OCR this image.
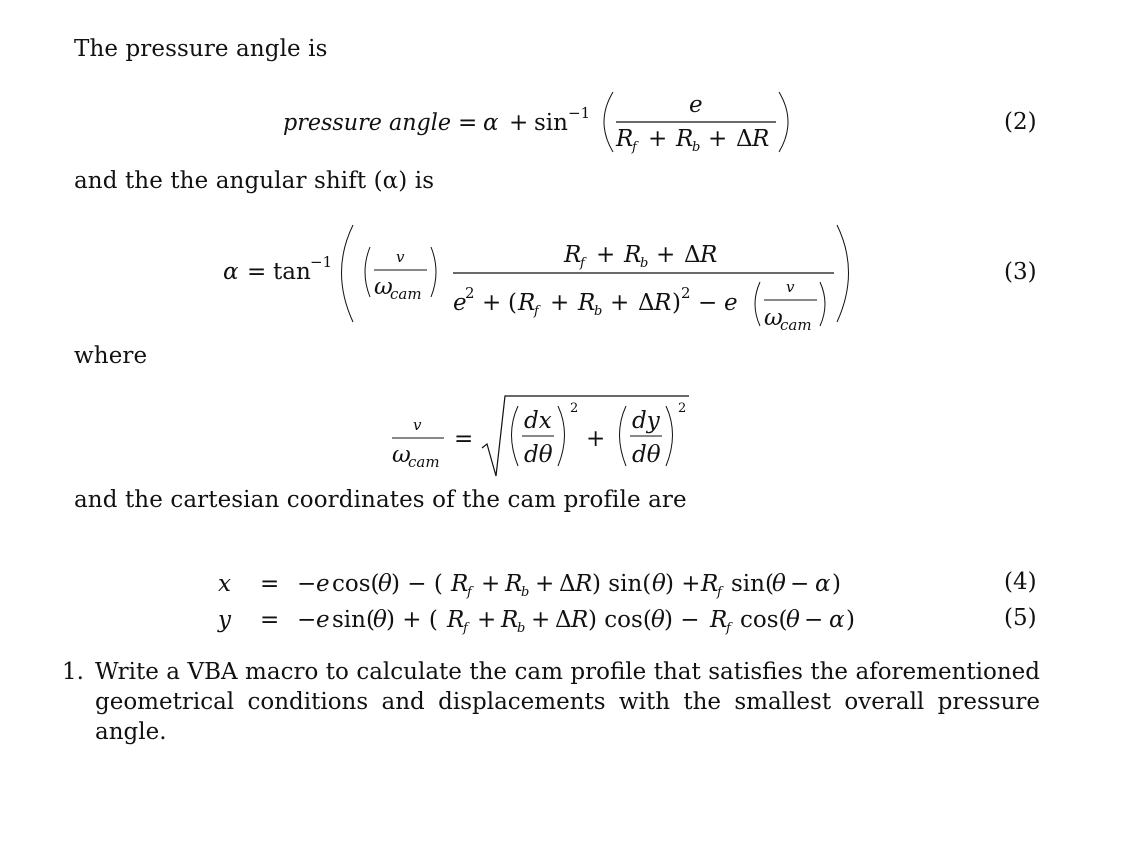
The pressure angle is

pressure angle = α + sin −1	e
R
f + R
b + Δ R

(2)

and the the angular shift (α) is

α = tan −1	v
ω
cam
R
f + R
b + Δ R
e
2 + ( R
f + R
b + Δ R ) 2 − e
v
ω
cam

(3)

where

v
ω
cam
=
dx
dθ
2
+
dy
dθ
2

and the cartesian coordinates of the cam profile are

x = − e cos(
θ ) − ( R
f + R
b + Δ R ) sin( θ ) + R
f sin(
θ − α )	(4)

y = − e sin(
θ ) + ( R
f + R
b + Δ R ) cos( θ ) − R
f cos(
θ − α )	(5)

1. Write a VBA macro to calculate the cam profile that satisfies the aforementioned geometrical conditions and displacements with the smallest overall pressure angle.
